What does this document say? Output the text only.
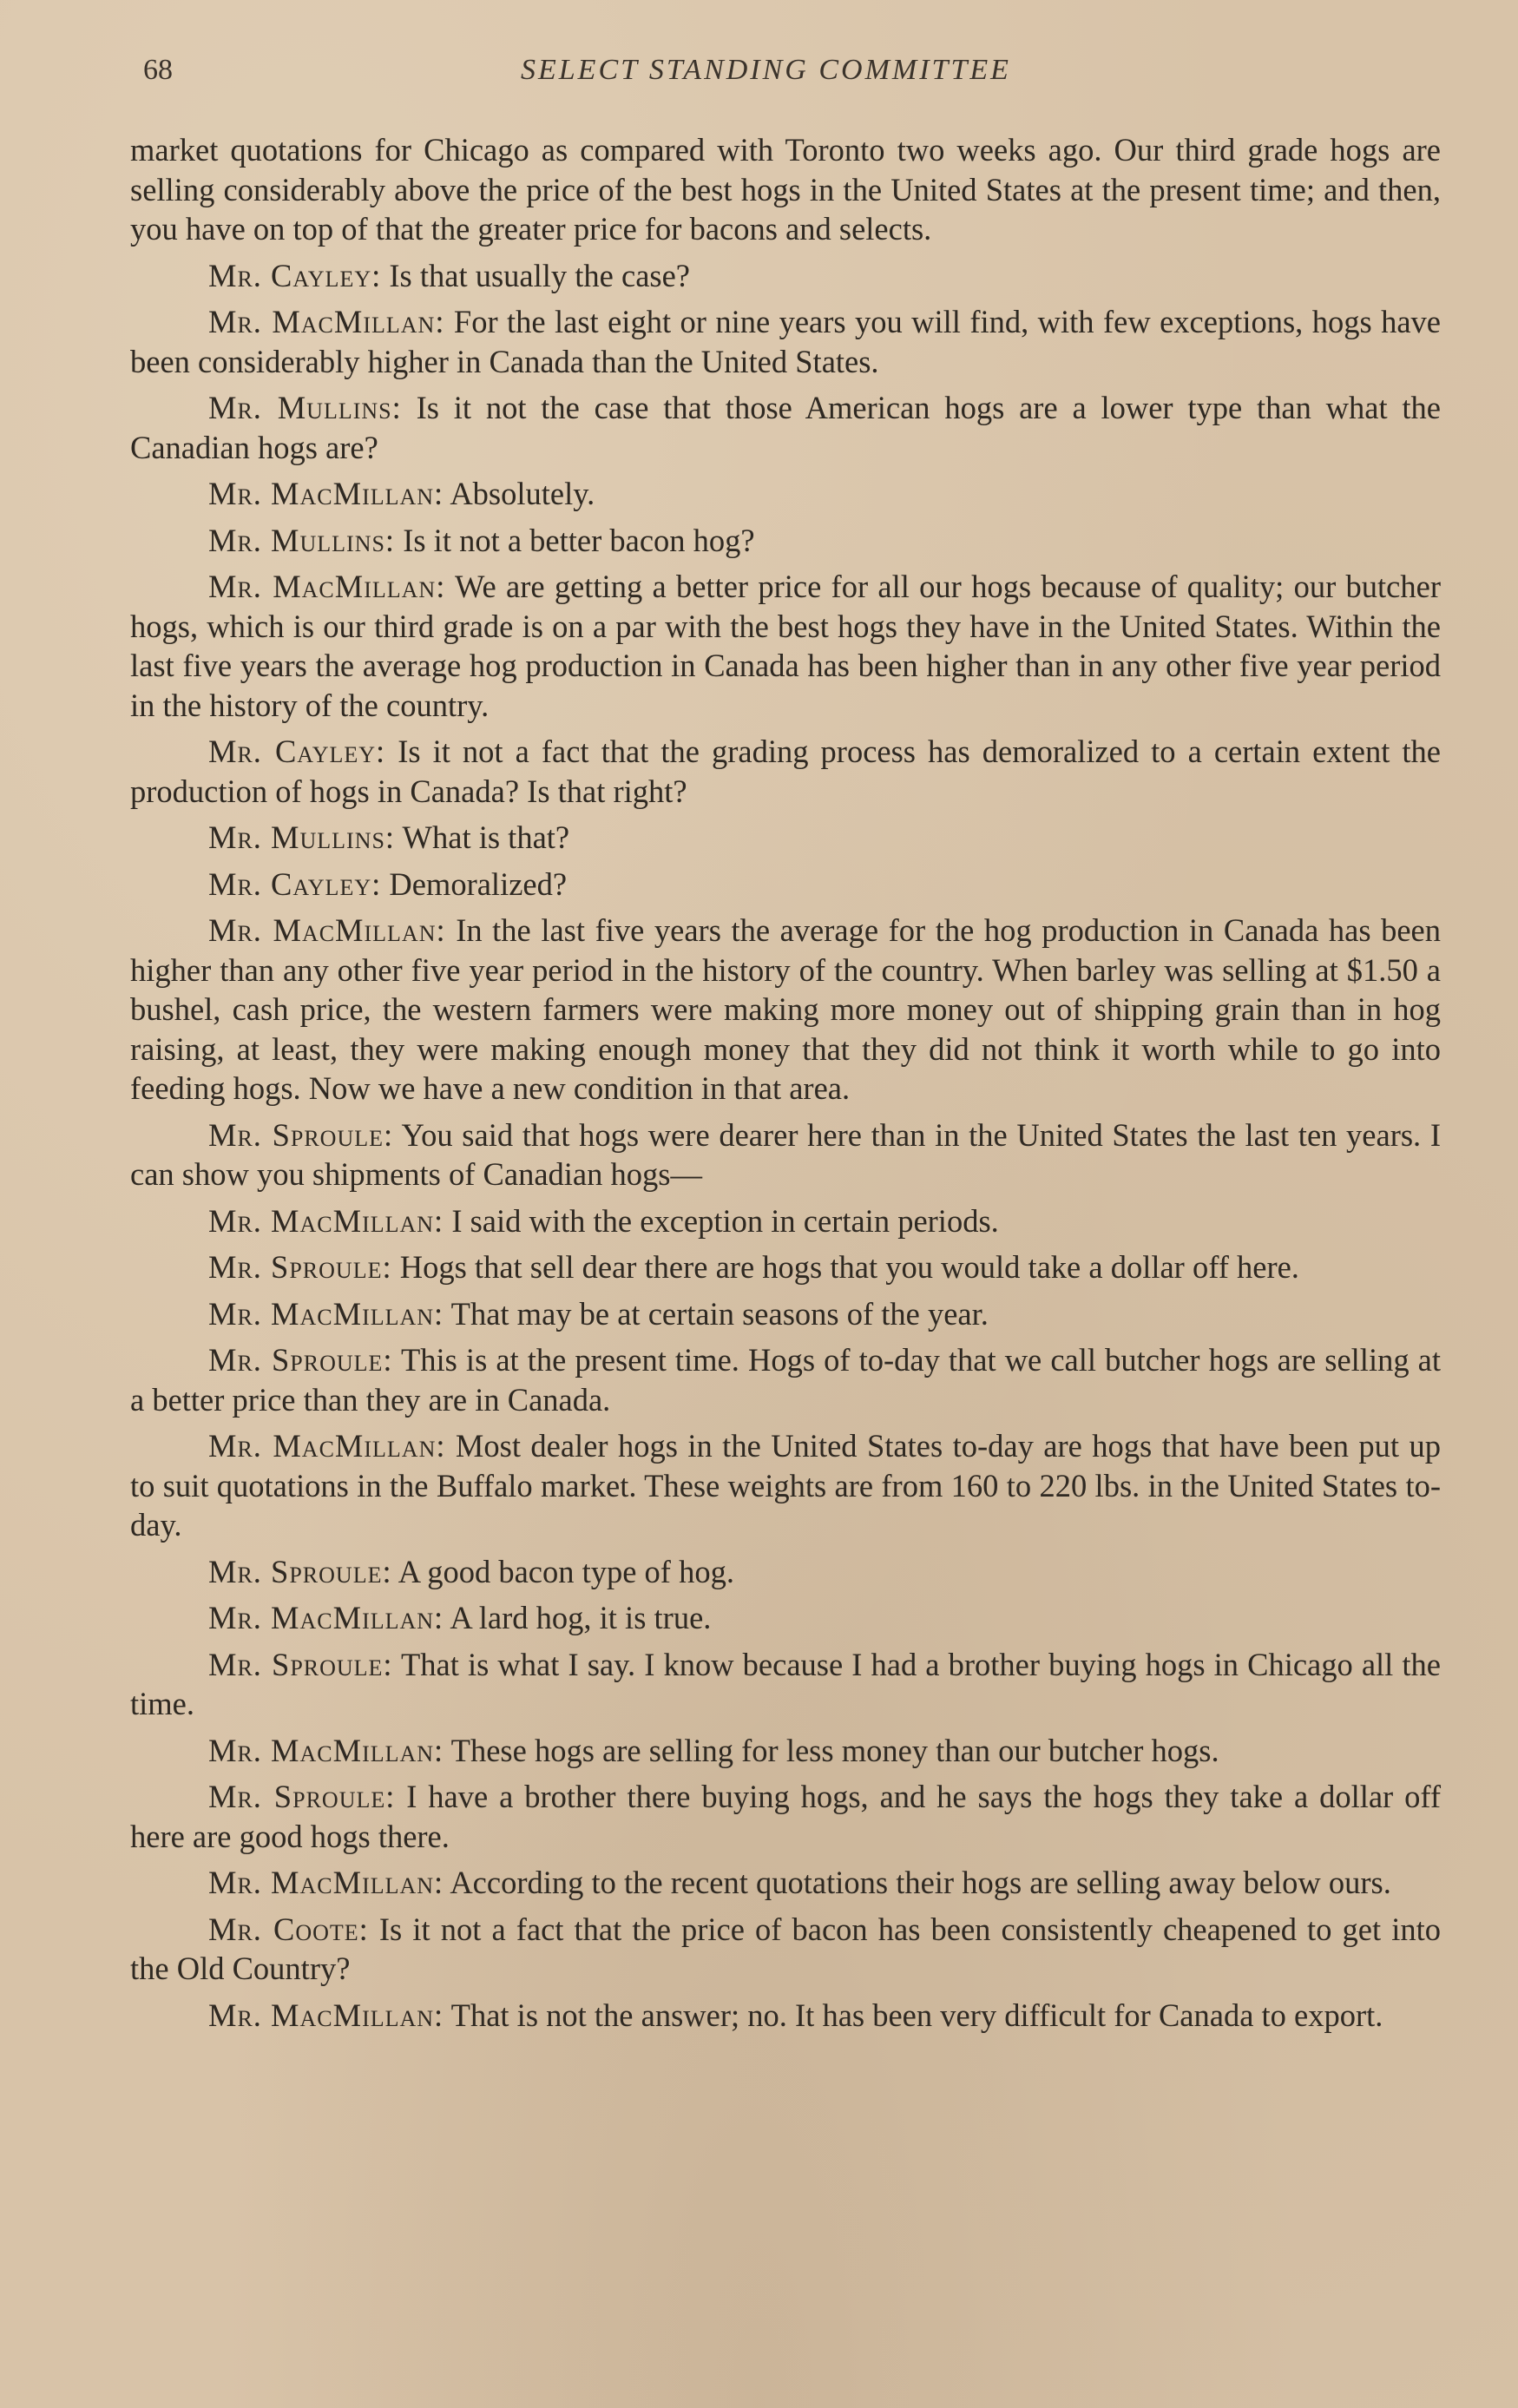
68	SELECT STANDING COMMITTEE

market quotations for Chicago as compared with Toronto two weeks ago. Our third grade hogs are selling considerably above the price of the best hogs in the United States at the present time; and then, you have on top of that the greater price for bacons and selects.

Mr. Cayley: Is that usually the case?

Mr. MacMillan: For the last eight or nine years you will find, with few exceptions, hogs have been considerably higher in Canada than the United States.

Mr. Mullins: Is it not the case that those American hogs are a lower type than what the Canadian hogs are?

Mr. MacMillan: Absolutely.

Mr. Mullins: Is it not a better bacon hog?

Mr. MacMillan: We are getting a better price for all our hogs because of quality; our butcher hogs, which is our third grade is on a par with the best hogs they have in the United States. Within the last five years the average hog production in Canada has been higher than in any other five year period in the history of the country.

Mr. Cayley: Is it not a fact that the grading process has demoralized to a certain extent the production of hogs in Canada? Is that right?

Mr. Mullins: What is that?

Mr. Cayley: Demoralized?

Mr. MacMillan: In the last five years the average for the hog production in Canada has been higher than any other five year period in the history of the country. When barley was selling at $1.50 a bushel, cash price, the western farmers were making more money out of shipping grain than in hog raising, at least, they were making enough money that they did not think it worth while to go into feeding hogs. Now we have a new condition in that area.

Mr. Sproule: You said that hogs were dearer here than in the United States the last ten years. I can show you shipments of Canadian hogs—

Mr. MacMillan: I said with the exception in certain periods.

Mr. Sproule: Hogs that sell dear there are hogs that you would take a dollar off here.

Mr. MacMillan: That may be at certain seasons of the year.

Mr. Sproule: This is at the present time. Hogs of to-day that we call butcher hogs are selling at a better price than they are in Canada.

Mr. MacMillan: Most dealer hogs in the United States to-day are hogs that have been put up to suit quotations in the Buffalo market. These weights are from 160 to 220 lbs. in the United States to-day.

Mr. Sproule: A good bacon type of hog.

Mr. MacMillan: A lard hog, it is true.

Mr. Sproule: That is what I say. I know because I had a brother buying hogs in Chicago all the time.

Mr. MacMillan: These hogs are selling for less money than our butcher hogs.

Mr. Sproule: I have a brother there buying hogs, and he says the hogs they take a dollar off here are good hogs there.

Mr. MacMillan: According to the recent quotations their hogs are selling away below ours.

Mr. Coote: Is it not a fact that the price of bacon has been consistently cheapened to get into the Old Country?

Mr. MacMillan: That is not the answer; no. It has been very difficult for Canada to export.
